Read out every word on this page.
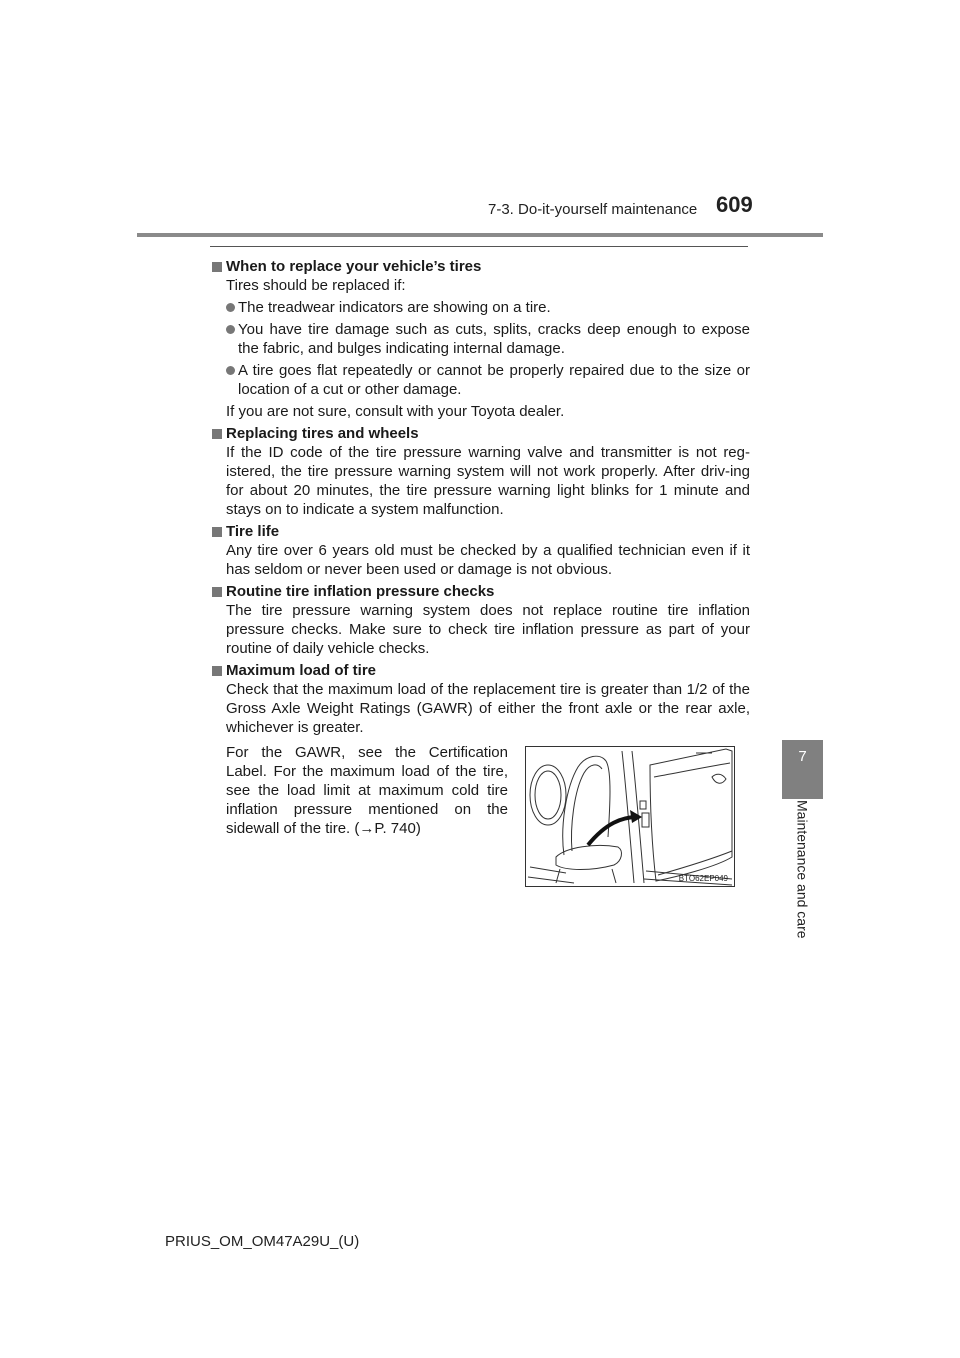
7-3. Do-it-yourself maintenance 609
7
Maintenance and care
When to replace your vehicle’s tires
Tires should be replaced if:
The treadwear indicators are showing on a tire.
You have tire damage such as cuts, splits, cracks deep enough to expose the fabric, and bulges indicating internal damage.
A tire goes flat repeatedly or cannot be properly repaired due to the size or location of a cut or other damage.
If you are not sure, consult with your Toyota dealer.
Replacing tires and wheels
If the ID code of the tire pressure warning valve and transmitter is not reg-istered, the tire pressure warning system will not work properly. After driv-ing for about 20 minutes, the tire pressure warning light blinks for 1 minute and stays on to indicate a system malfunction.
Tire life
Any tire over 6 years old must be checked by a qualified technician even if it has seldom or never been used or damage is not obvious.
Routine tire inflation pressure checks
The tire pressure warning system does not replace routine tire inflation pressure checks. Make sure to check tire inflation pressure as part of your routine of daily vehicle checks.
Maximum load of tire
Check that the maximum load of the replacement tire is greater than 1/2 of the Gross Axle Weight Ratings (GAWR) of either the front axle or the rear axle, whichever is greater.
For the GAWR, see the Certification Label. For the maximum load of the tire, see the load limit at maximum cold tire inflation pressure mentioned on the sidewall of the tire. (→P. 740)
BTO62EP049
PRIUS_OM_OM47A29U_(U)
